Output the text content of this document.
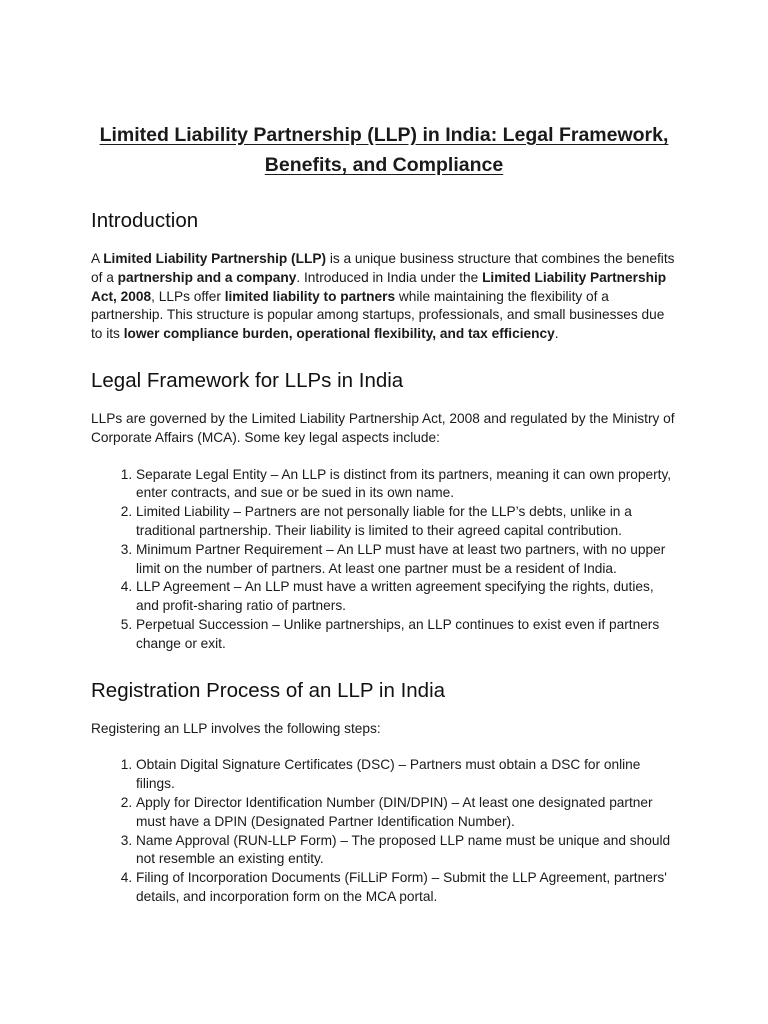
Limited Liability Partnership (LLP) in India: Legal Framework, Benefits, and Compliance
Introduction

A Limited Liability Partnership (LLP) is a unique business structure that combines the benefits of a partnership and a company. Introduced in India under the Limited Liability Partnership Act, 2008, LLPs offer limited liability to partners while maintaining the flexibility of a partnership. This structure is popular among startups, professionals, and small businesses due to its lower compliance burden, operational flexibility, and tax efficiency.

Legal Framework for LLPs in India

LLPs are governed by the Limited Liability Partnership Act, 2008 and regulated by the Ministry of Corporate Affairs (MCA). Some key legal aspects include:

1. Separate Legal Entity – An LLP is distinct from its partners, meaning it can own property, enter contracts, and sue or be sued in its own name.
2. Limited Liability – Partners are not personally liable for the LLP’s debts, unlike in a traditional partnership. Their liability is limited to their agreed capital contribution.
3. Minimum Partner Requirement – An LLP must have at least two partners, with no upper limit on the number of partners. At least one partner must be a resident of India.
4. LLP Agreement – An LLP must have a written agreement specifying the rights, duties, and profit-sharing ratio of partners.
5. Perpetual Succession – Unlike partnerships, an LLP continues to exist even if partners change or exit.
Registration Process of an LLP in India

Registering an LLP involves the following steps:

1. Obtain Digital Signature Certificates (DSC) – Partners must obtain a DSC for online filings.
2. Apply for Director Identification Number (DIN/DPIN) – At least one designated partner must have a DPIN (Designated Partner Identification Number).
3. Name Approval (RUN-LLP Form) – The proposed LLP name must be unique and should not resemble an existing entity.
4. Filing of Incorporation Documents (FiLLiP Form) – Submit the LLP Agreement, partners' details, and incorporation form on the MCA portal.
